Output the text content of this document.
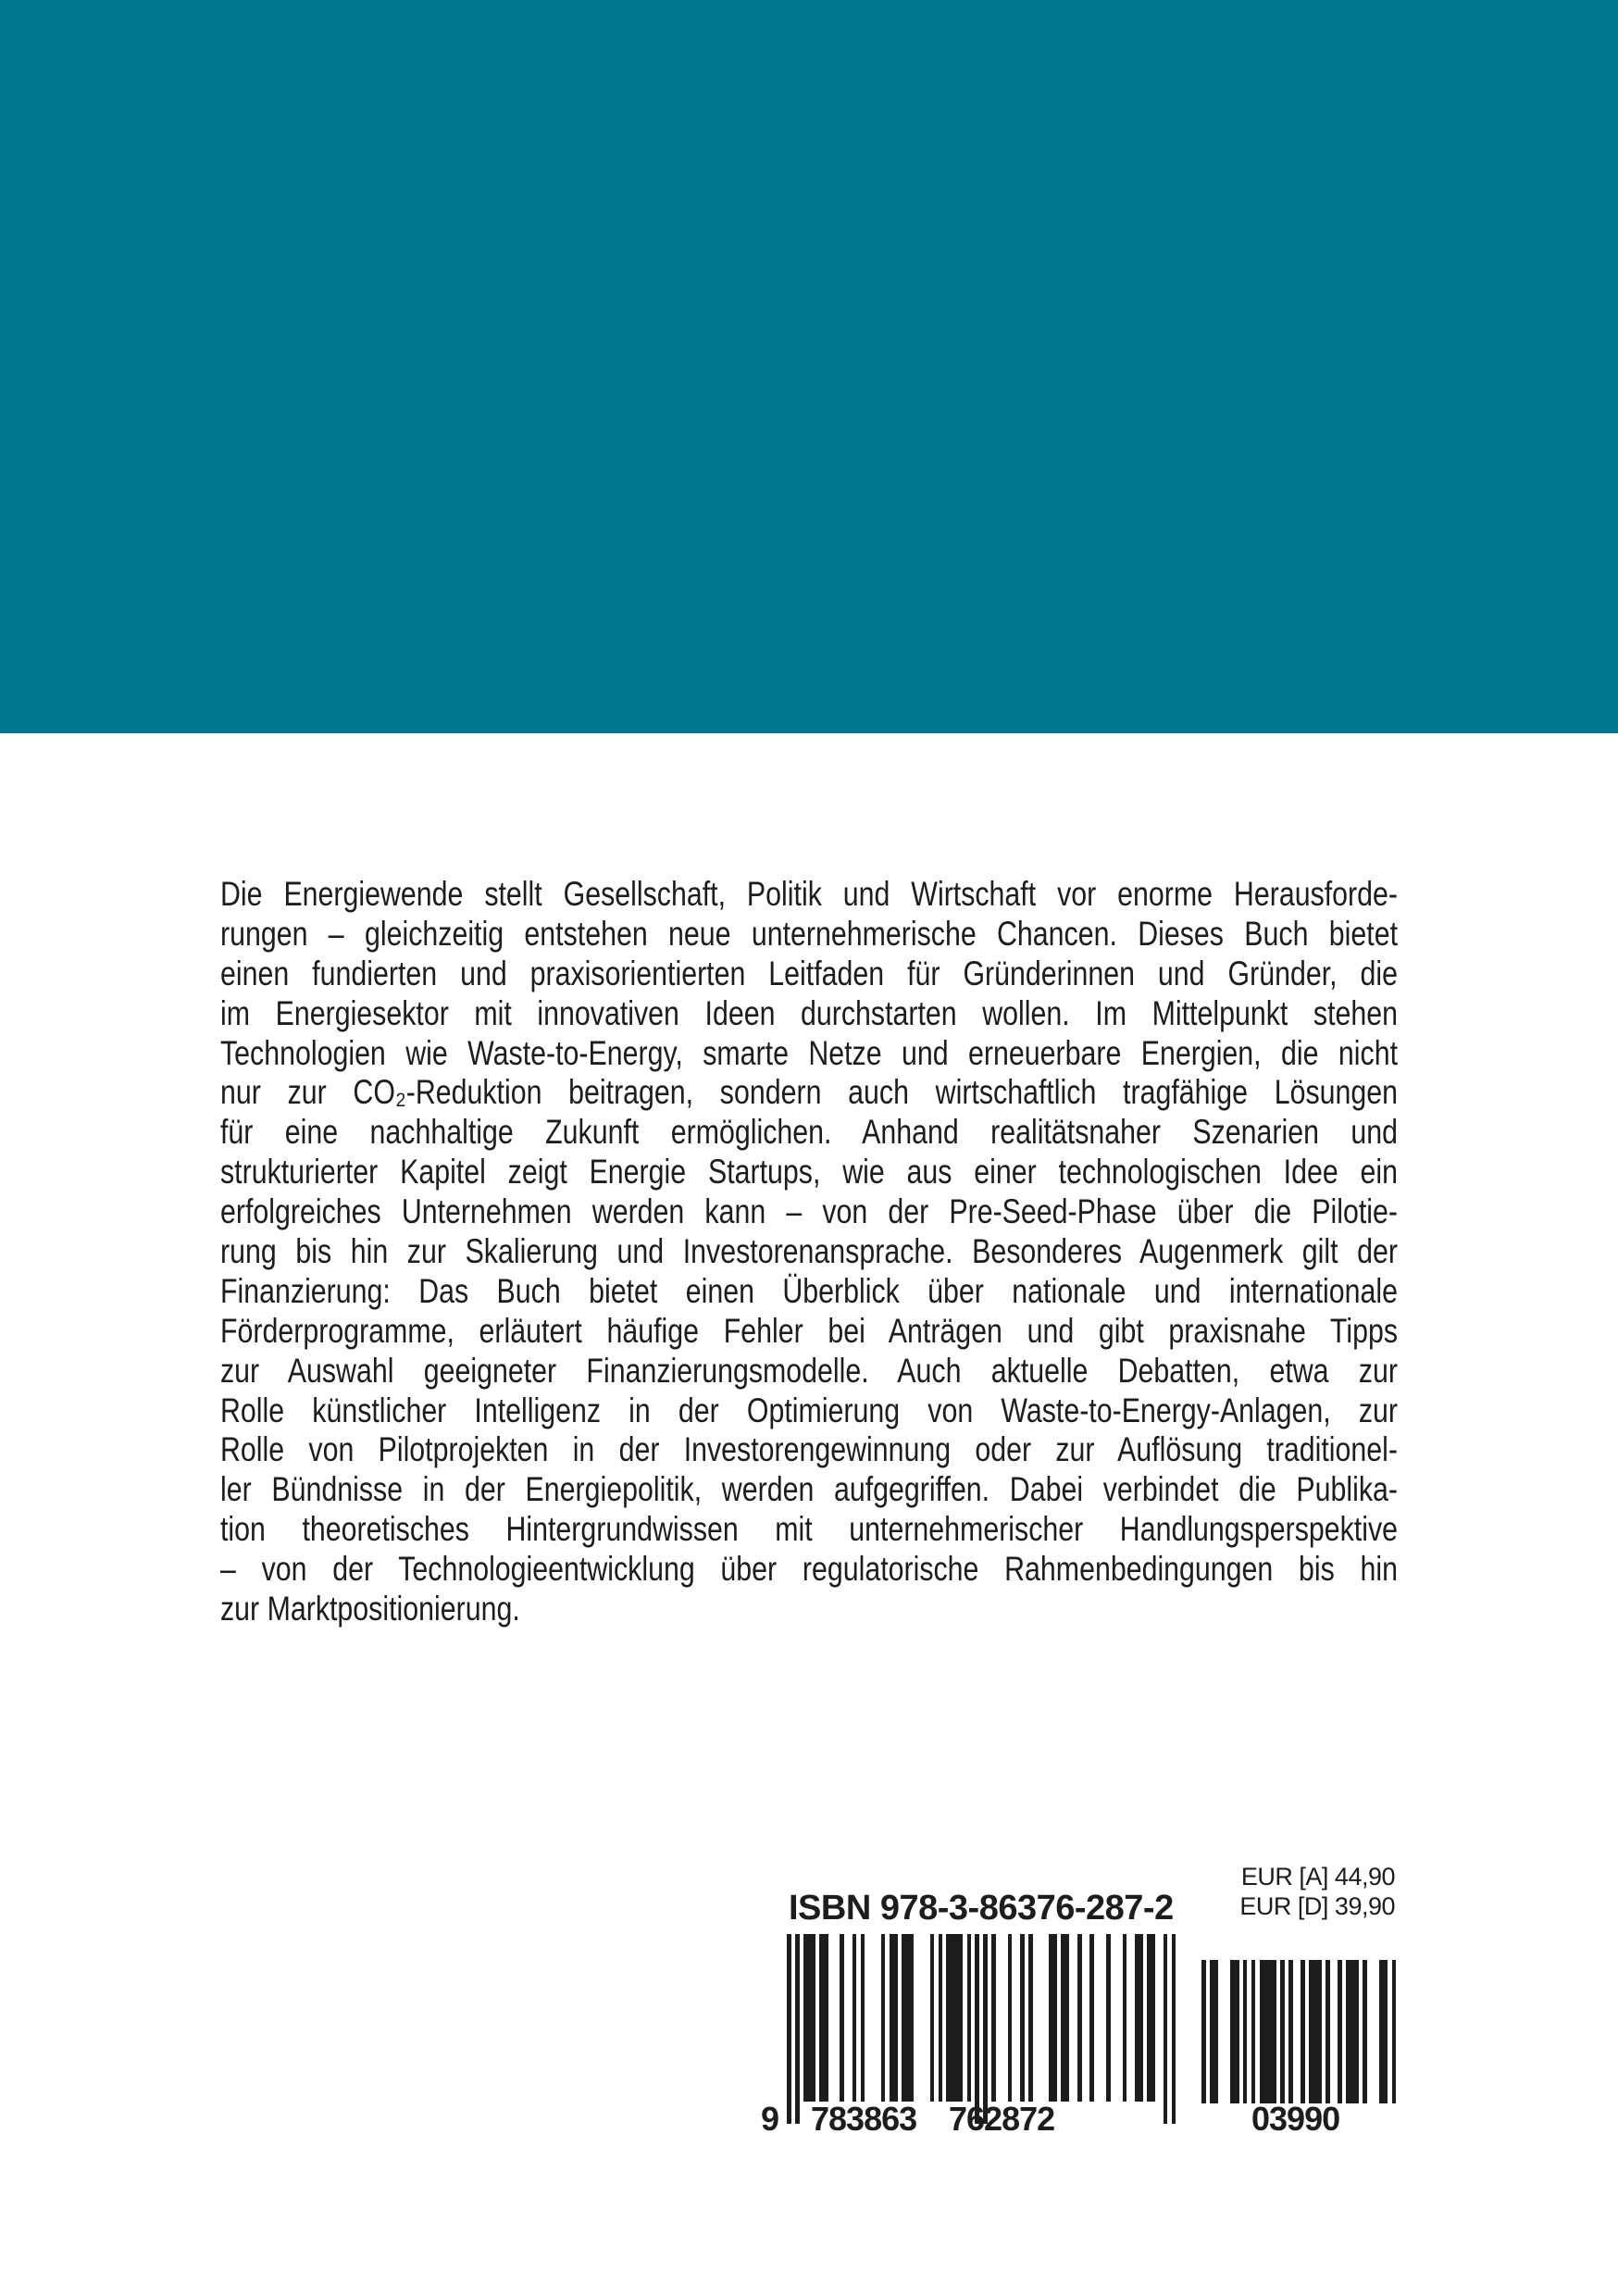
Die Energiewende stellt Gesellschaft, Politik und Wirtschaft vor enorme Herausforde-
rungen – gleichzeitig entstehen neue unternehmerische Chancen. Dieses Buch bietet
einen fundierten und praxisorientierten Leitfaden für Gründerinnen und Gründer, die
im Energiesektor mit innovativen Ideen durchstarten wollen. Im Mittelpunkt stehen
Technologien wie Waste-to-Energy, smarte Netze und erneuerbare Energien, die nicht
nur zur CO₂-Reduktion beitragen, sondern auch wirtschaftlich tragfähige Lösungen
für eine nachhaltige Zukunft ermöglichen. Anhand realitätsnaher Szenarien und
strukturierter Kapitel zeigt Energie Startups, wie aus einer technologischen Idee ein
erfolgreiches Unternehmen werden kann – von der Pre-Seed-Phase über die Pilotie-
rung bis hin zur Skalierung und Investorenansprache. Besonderes Augenmerk gilt der
Finanzierung: Das Buch bietet einen Überblick über nationale und internationale
Förderprogramme, erläutert häufige Fehler bei Anträgen und gibt praxisnahe Tipps
zur Auswahl geeigneter Finanzierungsmodelle. Auch aktuelle Debatten, etwa zur
Rolle künstlicher Intelligenz in der Optimierung von Waste-to-Energy-Anlagen, zur
Rolle von Pilotprojekten in der Investorengewinnung oder zur Auflösung traditionel-
ler Bündnisse in der Energiepolitik, werden aufgegriffen. Dabei verbindet die Publika-
tion theoretisches Hintergrundwissen mit unternehmerischer Handlungsperspektive
– von der Technologieentwicklung über regulatorische Rahmenbedingungen bis hin
zur Marktpositionierung.
EUR [A] 44,90
EUR [D] 39,90
ISBN 978-3-86376-287-2
9 783863 762872	03990
